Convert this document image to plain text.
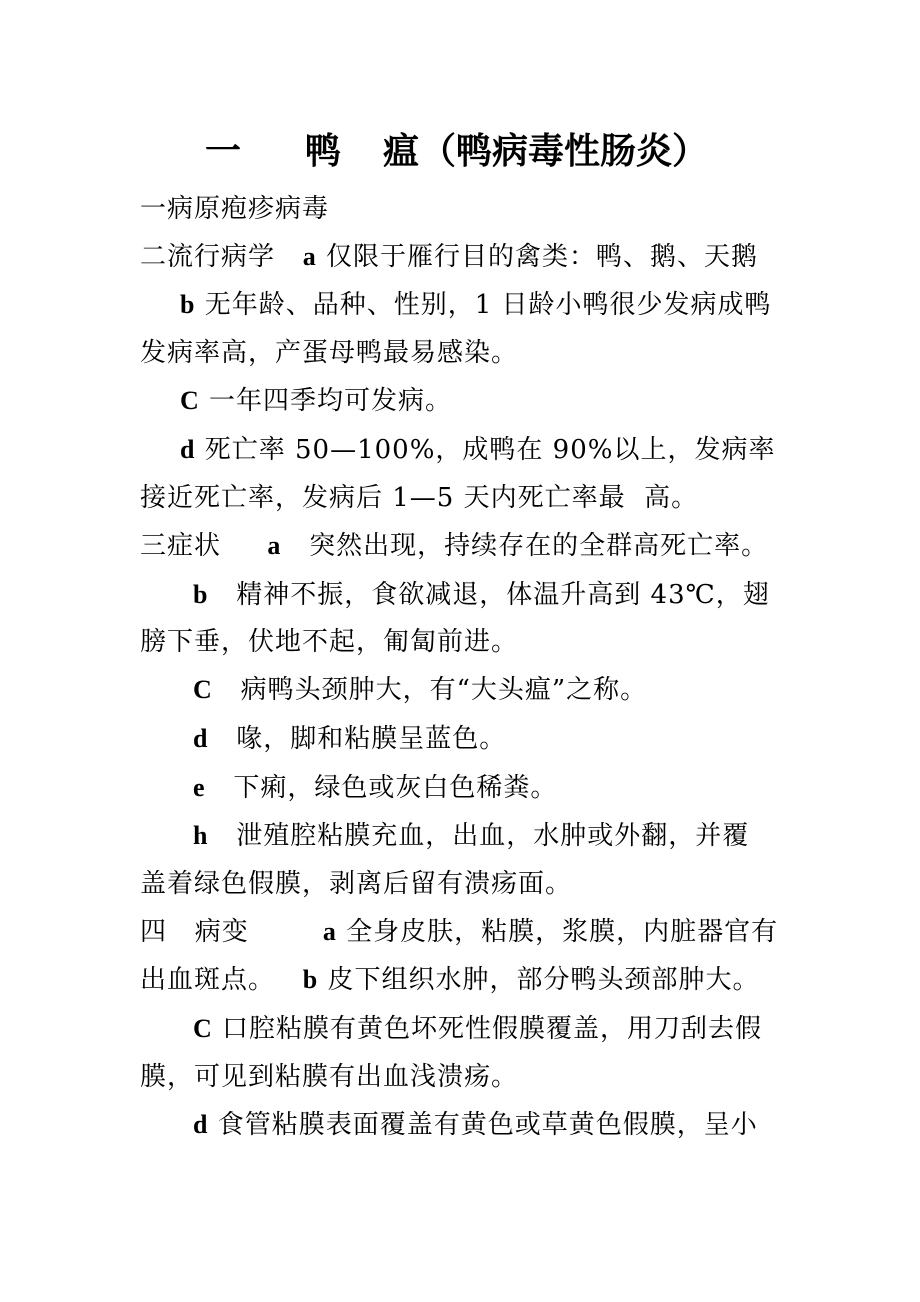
一 鸭 瘟 （鸭病毒性肠炎）
一病原疱疹病毒
二流行病学   a 仅限于雁行目的禽类：鸭、鹅、天鹅
b 无年龄、品种、性别，1 日龄小鸭很少发病成鸭
发病率高，产蛋母鸭最易感染。
C 一年四季均可发病。
d 死亡率 50—100%，成鸭在 90%以上，发病率
接近死亡率，发病后 1—5 天内死亡率最  高。
三症状     a   突然出现，持续存在的全群高死亡率。
b   精神不振，食欲减退，体温升高到 43℃，翅
膀下垂，伏地不起，匍匐前进。
C   病鸭头颈肿大，有“大头瘟”之称。
d   喙，脚和粘膜呈蓝色。
e   下痢，绿色或灰白色稀粪。
h   泄殖腔粘膜充血，出血，水肿或外翻，并覆
盖着绿色假膜，剥离后留有溃疡面。
四   病变        a 全身皮肤，粘膜，浆膜，内脏器官有
出血斑点。   b 皮下组织水肿，部分鸭头颈部肿大。
C 口腔粘膜有黄色坏死性假膜覆盖，用刀刮去假
膜，可见到粘膜有出血浅溃疡。
d 食管粘膜表面覆盖有黄色或草黄色假膜，呈小
